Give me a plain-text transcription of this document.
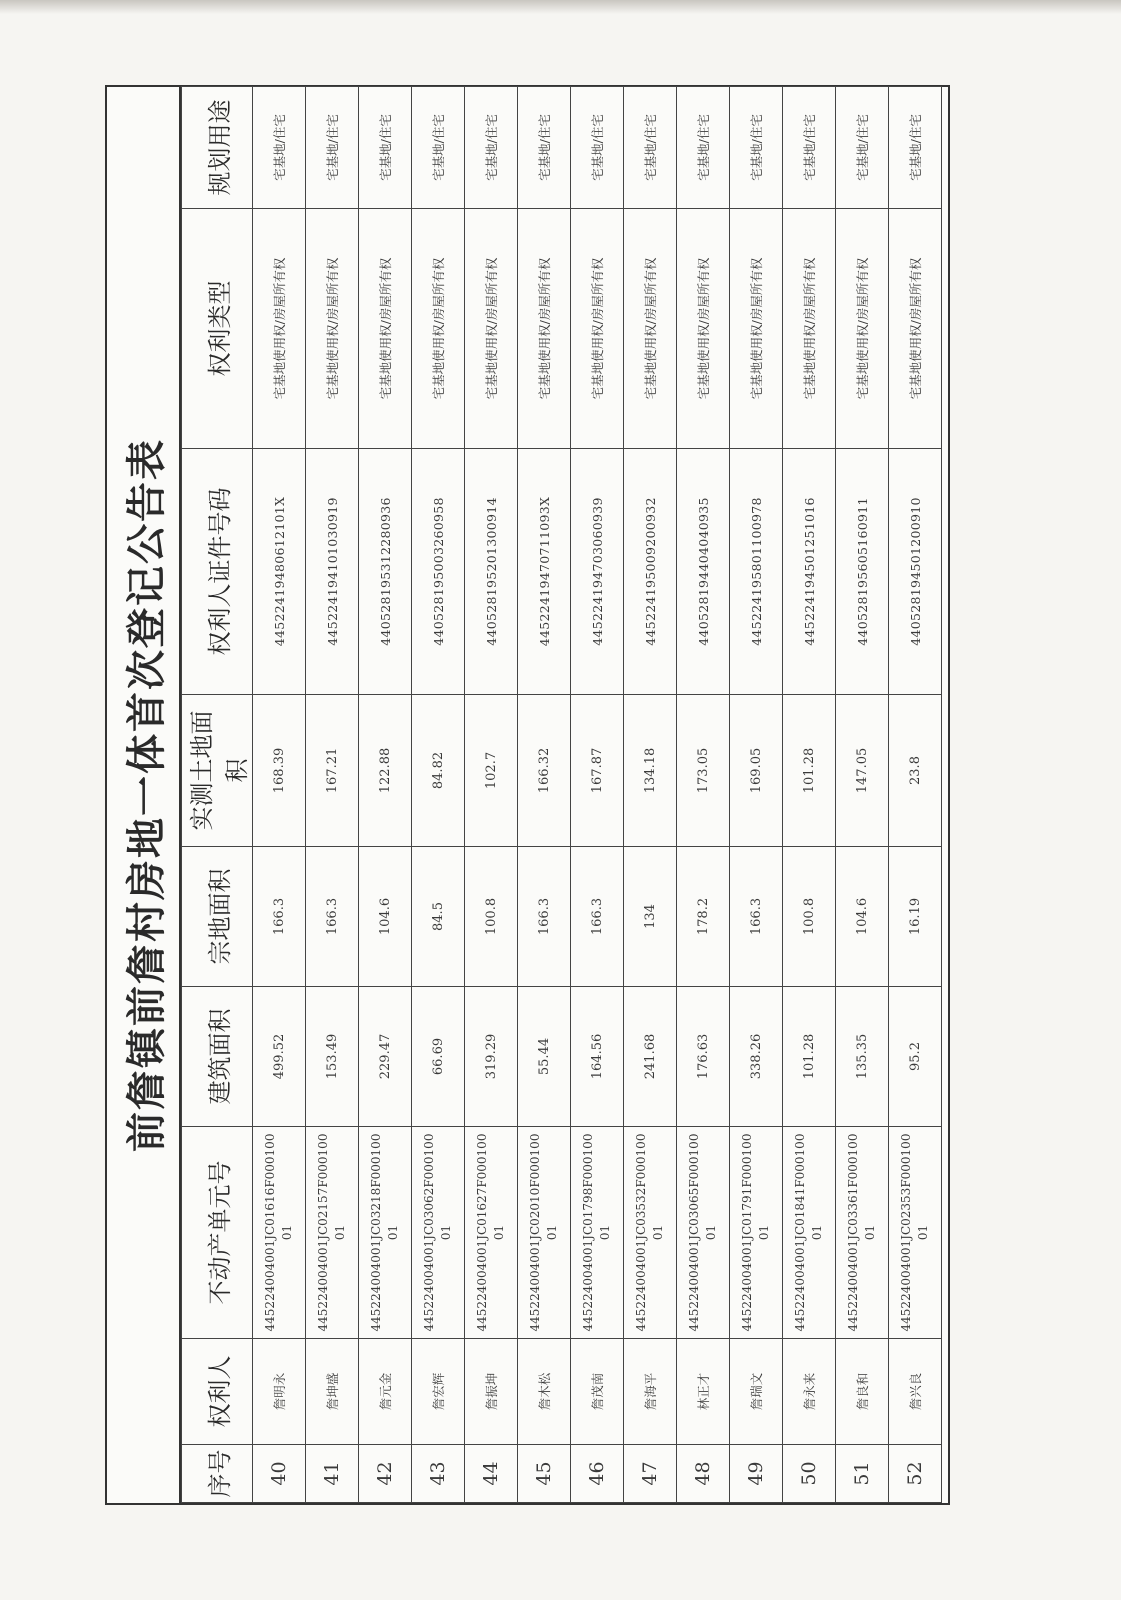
前詹镇前詹村房地一体首次登记公告表
序号	权利人	不动产单元号	建筑面积	宗地面积	实测土地面积	权利人证件号码	权利类型	规划用途
40	詹明永	445224004001JC01616F00010001	499.52	166.3	168.39	44522419480612101X	宅基地使用权/房屋所有权	宅基地/住宅
41	詹坤盛	445224004001JC02157F00010001	153.49	166.3	167.21	445224194101030919	宅基地使用权/房屋所有权	宅基地/住宅
42	詹元金	445224004001JC03218F00010001	229.47	104.6	122.88	440528195312280936	宅基地使用权/房屋所有权	宅基地/住宅
43	詹宏辉	445224004001JC03062F00010001	66.69	84.5	84.82	440528195003260958	宅基地使用权/房屋所有权	宅基地/住宅
44	詹振坤	445224004001JC01627F00010001	319.29	100.8	102.7	440528195201300914	宅基地使用权/房屋所有权	宅基地/住宅
45	詹木松	445224004001JC02010F00010001	55.44	166.3	166.32	44522419470711093X	宅基地使用权/房屋所有权	宅基地/住宅
46	詹茂南	445224004001JC01798F00010001	164.56	166.3	167.87	445224194703060939	宅基地使用权/房屋所有权	宅基地/住宅
47	詹海平	445224004001JC03532F00010001	241.68	134	134.18	445224195009200932	宅基地使用权/房屋所有权	宅基地/住宅
48	林正才	445224004001JC03065F00010001	176.63	178.2	173.05	440528194404040935	宅基地使用权/房屋所有权	宅基地/住宅
49	詹瑞文	445224004001JC01791F00010001	338.26	166.3	169.05	445224195801100978	宅基地使用权/房屋所有权	宅基地/住宅
50	詹永来	445224004001JC01841F00010001	101.28	100.8	101.28	445224194501251016	宅基地使用权/房屋所有权	宅基地/住宅
51	詹良和	445224004001JC03361F00010001	135.35	104.6	147.05	440528195605160911	宅基地使用权/房屋所有权	宅基地/住宅
52	詹兴良	445224004001JC02353F00010001	95.2	16.19	23.8	440528194501200910	宅基地使用权/房屋所有权	宅基地/住宅
